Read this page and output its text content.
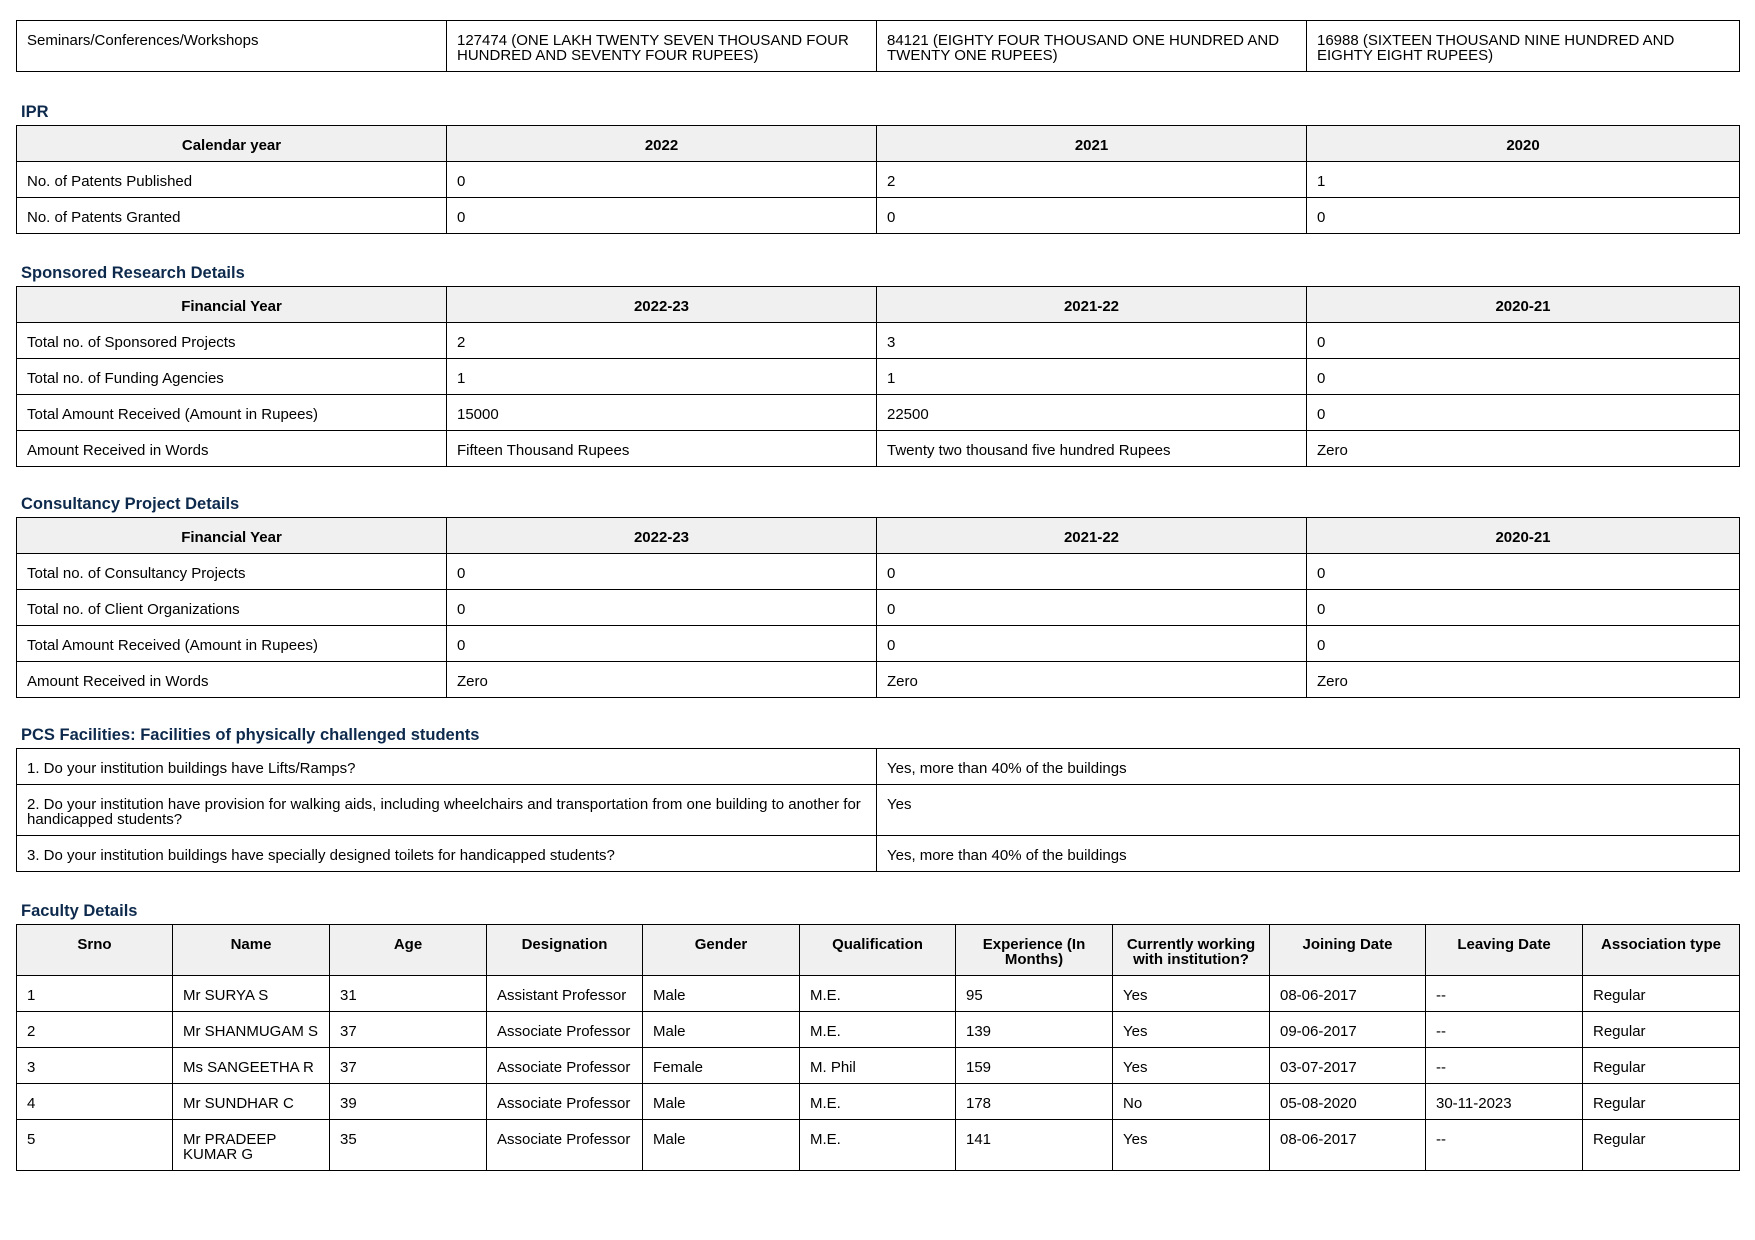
Seminars/Conferences/Workshops	127474 (ONE LAKH TWENTY SEVEN THOUSAND FOUR HUNDRED AND SEVENTY FOUR RUPEES)	84121 (EIGHTY FOUR THOUSAND ONE HUNDRED AND TWENTY ONE RUPEES)	16988 (SIXTEEN THOUSAND NINE HUNDRED AND EIGHTY EIGHT RUPEES)
IPR
Calendar year	2022	2021	2020
No. of Patents Published	0	2	1
No. of Patents Granted	0	0	0
Sponsored Research Details
Financial Year	2022-23	2021-22	2020-21
Total no. of Sponsored Projects	2	3	0
Total no. of Funding Agencies	1	1	0
Total Amount Received (Amount in Rupees)	15000	22500	0
Amount Received in Words	Fifteen Thousand Rupees	Twenty two thousand five hundred Rupees	Zero
Consultancy Project Details
Financial Year	2022-23	2021-22	2020-21
Total no. of Consultancy Projects	0	0	0
Total no. of Client Organizations	0	0	0
Total Amount Received (Amount in Rupees)	0	0	0
Amount Received in Words	Zero	Zero	Zero
PCS Facilities: Facilities of physically challenged students
1. Do your institution buildings have Lifts/Ramps?	Yes, more than 40% of the buildings
2. Do your institution have provision for walking aids, including wheelchairs and transportation from one building to another for handicapped students?	Yes
3. Do your institution buildings have specially designed toilets for handicapped students?	Yes, more than 40% of the buildings
Faculty Details
Srno	Name	Age	Designation	Gender	Qualification	Experience (In Months)	Currently working with institution?	Joining Date	Leaving Date	Association type
1	Mr SURYA S	31	Assistant Professor	Male	M.E.	95	Yes	08-06-2017	--	Regular
2	Mr SHANMUGAM S	37	Associate Professor	Male	M.E.	139	Yes	09-06-2017	--	Regular
3	Ms SANGEETHA R	37	Associate Professor	Female	M. Phil	159	Yes	03-07-2017	--	Regular
4	Mr SUNDHAR C	39	Associate Professor	Male	M.E.	178	No	05-08-2020	30-11-2023	Regular
5	Mr PRADEEP KUMAR G	35	Associate Professor	Male	M.E.	141	Yes	08-06-2017	--	Regular
